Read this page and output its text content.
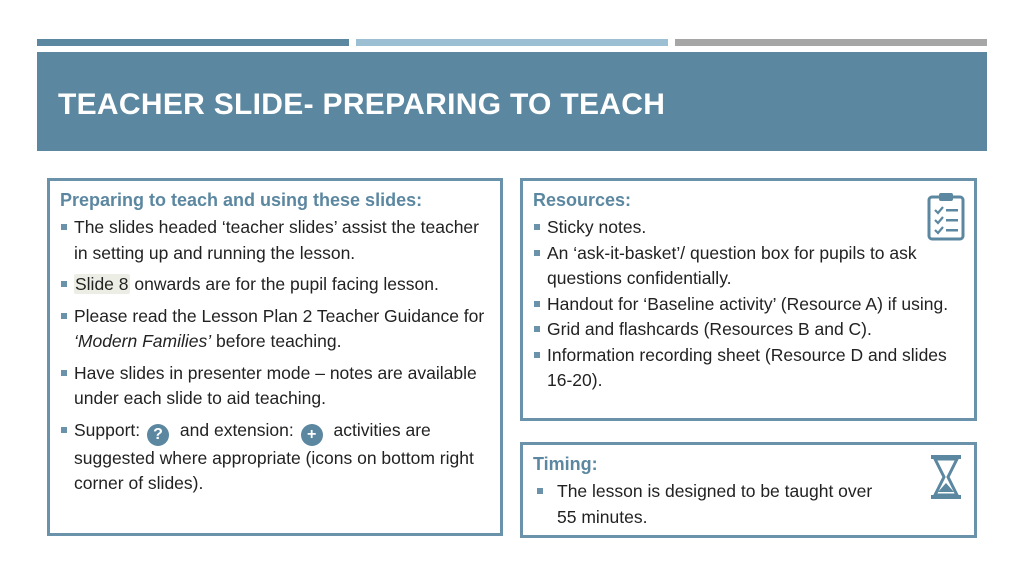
TEACHER SLIDE- PREPARING TO TEACH
Preparing to teach and using these slides:
The slides headed ‘teacher slides’ assist the teacher in setting up and running the lesson.
Slide 8 onwards are for the pupil facing lesson.
Please read the Lesson Plan 2 Teacher Guidance for ‘Modern Families’ before teaching.
Have slides in presenter mode – notes are available under each slide to aid teaching.
Support: ? and extension: + activities are suggested where appropriate (icons on bottom right corner of slides).
Resources:
Sticky notes.
An ‘ask-it-basket’/ question box for pupils to ask questions confidentially.
Handout for ‘Baseline activity’ (Resource A) if using.
Grid and flashcards (Resources B and C).
Information recording sheet (Resource D and slides 16-20).
Timing:
The lesson is designed to be taught over 55 minutes.
